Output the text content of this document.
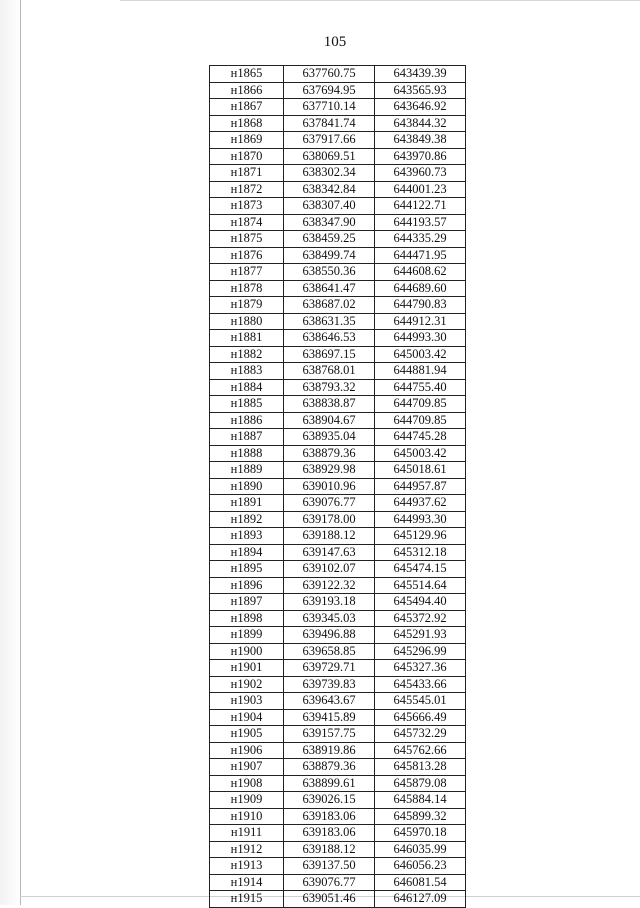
105
н1865	637760.75	643439.39
н1866	637694.95	643565.93
н1867	637710.14	643646.92
н1868	637841.74	643844.32
н1869	637917.66	643849.38
н1870	638069.51	643970.86
н1871	638302.34	643960.73
н1872	638342.84	644001.23
н1873	638307.40	644122.71
н1874	638347.90	644193.57
н1875	638459.25	644335.29
н1876	638499.74	644471.95
н1877	638550.36	644608.62
н1878	638641.47	644689.60
н1879	638687.02	644790.83
н1880	638631.35	644912.31
н1881	638646.53	644993.30
н1882	638697.15	645003.42
н1883	638768.01	644881.94
н1884	638793.32	644755.40
н1885	638838.87	644709.85
н1886	638904.67	644709.85
н1887	638935.04	644745.28
н1888	638879.36	645003.42
н1889	638929.98	645018.61
н1890	639010.96	644957.87
н1891	639076.77	644937.62
н1892	639178.00	644993.30
н1893	639188.12	645129.96
н1894	639147.63	645312.18
н1895	639102.07	645474.15
н1896	639122.32	645514.64
н1897	639193.18	645494.40
н1898	639345.03	645372.92
н1899	639496.88	645291.93
н1900	639658.85	645296.99
н1901	639729.71	645327.36
н1902	639739.83	645433.66
н1903	639643.67	645545.01
н1904	639415.89	645666.49
н1905	639157.75	645732.29
н1906	638919.86	645762.66
н1907	638879.36	645813.28
н1908	638899.61	645879.08
н1909	639026.15	645884.14
н1910	639183.06	645899.32
н1911	639183.06	645970.18
н1912	639188.12	646035.99
н1913	639137.50	646056.23
н1914	639076.77	646081.54
н1915	639051.46	646127.09
